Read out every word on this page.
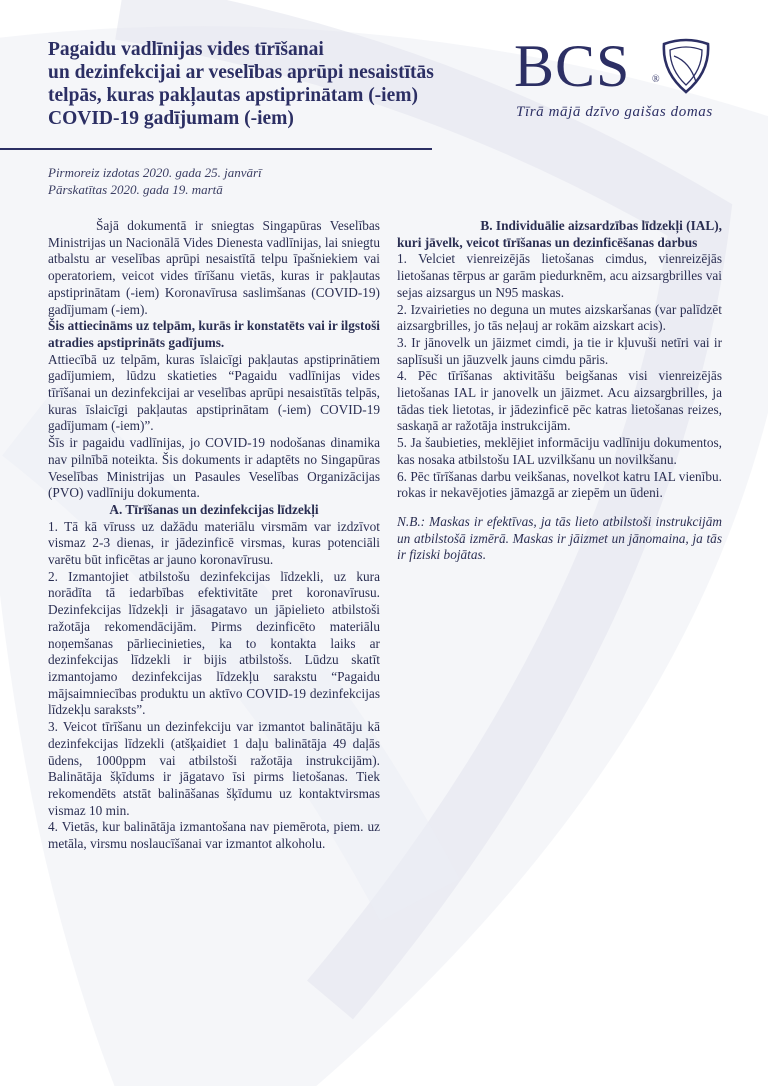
Pagaidu vadlīnijas vides tīrīšanai
un dezinfekcijai ar veselības aprūpi nesaistītās
telpās, kuras pakļautas apstiprinātam (-iem)
COVID-19 gadījumam (-iem)
BCS ®
Tīrā mājā dzīvo gaišas domas
Pirmoreiz izdotas 2020. gada 25. janvārī
Pārskatītas 2020. gada 19. martā

Šajā dokumentā ir sniegtas Singapūras Veselības Ministrijas un Nacionālā Vides Dienesta vadlīnijas, lai sniegtu atbalstu ar veselības aprūpi nesaistītā telpu īpašniekiem vai operatoriem, veicot vides tīrīšanu vietās, kuras ir pakļautas apstiprinātam (-iem) Koronavīrusa saslimšanas (COVID-19) gadījumam (-iem).

Šis attiecināms uz telpām, kurās ir konstatēts vai ir ilgstoši atradies apstiprināts gadījums.

Attiecībā uz telpām, kuras īslaicīgi pakļautas apstiprinātiem gadījumiem, lūdzu skatieties “Pagaidu vadlīnijas vides tīrīšanai un dezinfekcijai ar veselības aprūpi nesaistītās telpās, kuras īslaicīgi pakļautas apstiprinātam (-iem) COVID-19 gadījumam (-iem)”.

Šīs ir pagaidu vadlīnijas, jo COVID-19 nodošanas dinamika nav pilnībā noteikta. Šis dokuments ir adaptēts no Singapūras Veselības Ministrijas un Pasaules Veselības Organizācijas (PVO) vadlīniju dokumenta.

A. Tīrīšanas un dezinfekcijas līdzekļi

1. Tā kā vīruss uz dažādu materiālu virsmām var izdzīvot vismaz 2-3 dienas, ir jādezinficē virsmas, kuras potenciāli varētu būt inficētas ar jauno koronavīrusu.

2. Izmantojiet atbilstošu dezinfekcijas līdzekli, uz kura norādīta tā iedarbības efektivitāte pret koronavīrusu. Dezinfekcijas līdzekļi ir jāsagatavo un jāpielieto atbilstoši ražotāja rekomendācijām. Pirms dezinficēto materiālu noņemšanas pārliecinieties, ka to kontakta laiks ar dezinfekcijas līdzekli ir bijis atbilstošs. Lūdzu skatīt izmantojamo dezinfekcijas līdzekļu sarakstu “Pagaidu mājsaimniecības produktu un aktīvo COVID-19 dezinfekcijas līdzekļu saraksts”.

3. Veicot tīrīšanu un dezinfekciju var izmantot balinātāju kā dezinfekcijas līdzekli (atšķaidiet 1 daļu balinātāja 49 daļās ūdens, 1000ppm vai atbilstoši ražotāja instrukcijām). Balinātāja šķīdums ir jāgatavo īsi pirms lietošanas. Tiek rekomendēts atstāt balināšanas šķīdumu uz kontaktvirsmas vismaz 10 min.

4. Vietās, kur balinātāja izmantošana nav piemērota, piem. uz metāla, virsmu noslaucīšanai var izmantot alkoholu.

B. Individuālie aizsardzības līdzekļi (IAL),

kuri jāvelk, veicot tīrīšanas un dezinficēšanas darbus

1. Velciet vienreizējās lietošanas cimdus, vienreizējās lietošanas tērpus ar garām piedurknēm, acu aizsargbrilles vai sejas aizsargus un N95 maskas.

2. Izvairieties no deguna un mutes aizskaršanas (var palīdzēt aizsargbrilles, jo tās neļauj ar rokām aizskart acis).

3. Ir jānovelk un jāizmet cimdi, ja tie ir kļuvuši netīri vai ir saplīsuši un jāuzvelk jauns cimdu pāris.

4. Pēc tīrīšanas aktivitāšu beigšanas visi vienreizējās lietošanas IAL ir janovelk un jāizmet. Acu aizsargbrilles, ja tādas tiek lietotas, ir jādezinficē pēc katras lietošanas reizes, saskaņā ar ražotāja instrukcijām.

5. Ja šaubieties, meklējiet informāciju vadlīniju dokumentos, kas nosaka atbilstošu IAL uzvilkšanu un novilkšanu.

6. Pēc tīrīšanas darbu veikšanas, novelkot katru IAL vienību. rokas ir nekavējoties jāmazgā ar ziepēm un ūdeni.

N.B.: Maskas ir efektīvas, ja tās lieto atbilstoši instrukcijām un atbilstošā izmērā. Maskas ir jāizmet un jānomaina, ja tās ir fiziski bojātas.
